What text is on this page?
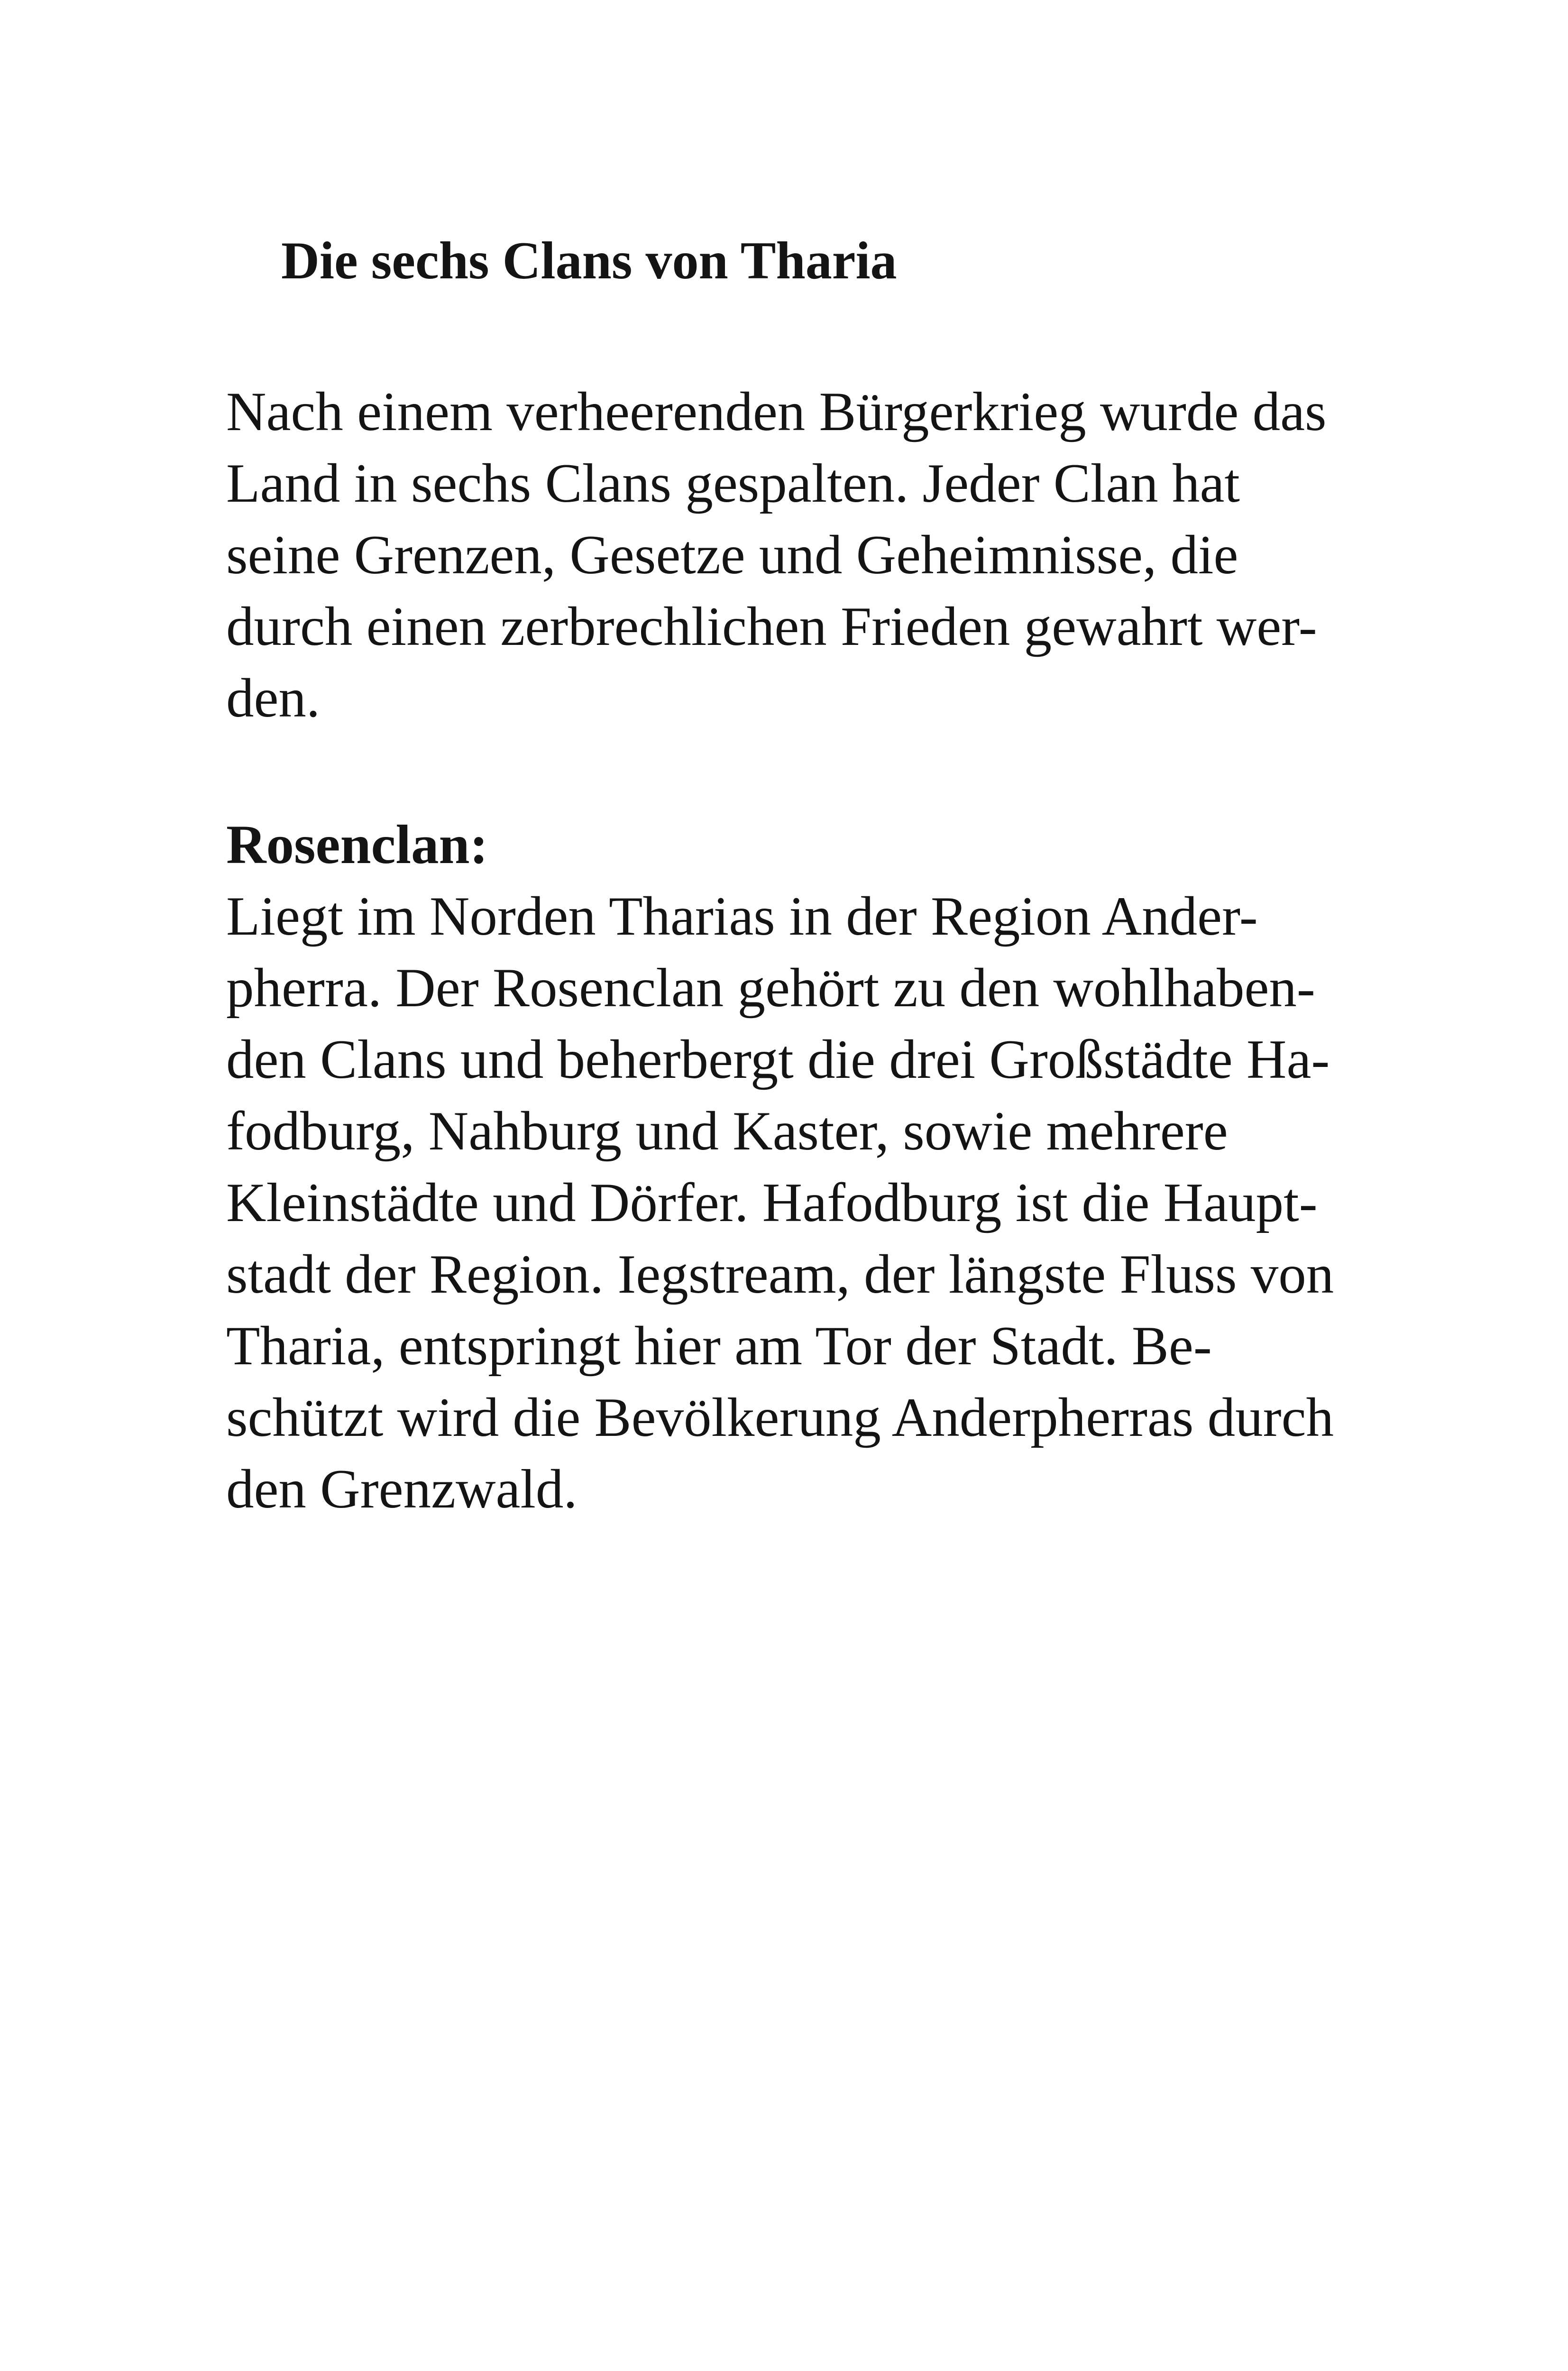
Die sechs Clans von Tharia
Nach einem verheerenden Bürgerkrieg wurde das
Land in sechs Clans gespalten. Jeder Clan hat
seine Grenzen, Gesetze und Geheimnisse, die
durch einen zerbrechlichen Frieden gewahrt wer-
den.
Rosenclan:
Liegt im Norden Tharias in der Region Ander-
pherra. Der Rosenclan gehört zu den wohlhaben-
den Clans und beherbergt die drei Großstädte Ha-
fodburg, Nahburg und Kaster, sowie mehrere
Kleinstädte und Dörfer. Hafodburg ist die Haupt-
stadt der Region. Iegstream, der längste Fluss von
Tharia, entspringt hier am Tor der Stadt. Be-
schützt wird die Bevölkerung Anderpherras durch
den Grenzwald.
